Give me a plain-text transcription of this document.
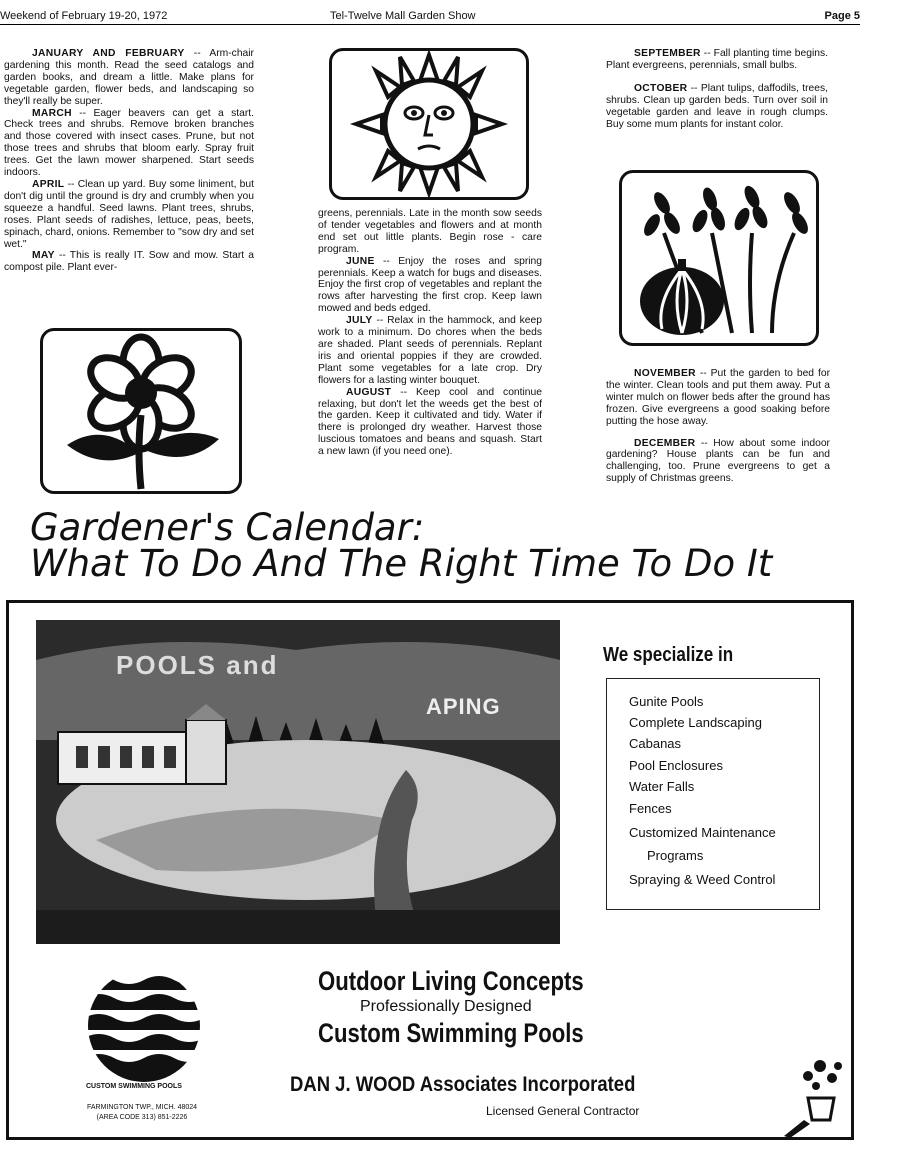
Weekend of February 19-20, 1972	Tel-Twelve Mall Garden Show	Page 5

JANUARY AND FEBRUARY -- Arm-chair gardening this month. Read the seed catalogs and garden books, and dream a little. Make plans for vegetable garden, flower beds, and landscaping so they'll really be super.

MARCH -- Eager beavers can get a start. Check trees and shrubs. Remove broken branches and those covered with insect cases. Prune, but not those trees and shrubs that bloom early. Spray fruit trees. Get the lawn mower sharpened. Start seeds indoors.

APRIL -- Clean up yard. Buy some liniment, but don't dig until the ground is dry and crumbly when you squeeze a handful. Seed lawns. Plant trees, shrubs, roses. Plant seeds of radishes, lettuce, peas, beets, spinach, chard, onions. Remember to "sow dry and set wet."

MAY -- This is really IT. Sow and mow. Start a compost pile. Plant ever-

greens, perennials. Late in the month sow seeds of tender vegetables and flowers and at month end set out little plants. Begin rose - care program.

JUNE -- Enjoy the roses and spring perennials. Keep a watch for bugs and diseases. Enjoy the first crop of vegetables and replant the rows after harvesting the first crop. Keep lawn mowed and beds edged.

JULY -- Relax in the hammock, and keep work to a minimum. Do chores when the beds are shaded. Plant seeds of perennials. Replant iris and oriental poppies if they are crowded. Plant some vegetables for a late crop. Dry flowers for a lasting winter bouquet.

AUGUST -- Keep cool and continue relaxing, but don't let the weeds get the best of the garden. Keep it cultivated and tidy. Water if there is prolonged dry weather. Harvest those luscious tomatoes and beans and squash. Start a new lawn (if you need one).

SEPTEMBER -- Fall planting time begins. Plant evergreens, perennials, small bulbs.

OCTOBER -- Plant tulips, daffodils, trees, shrubs. Clean up garden beds. Turn over soil in vegetable garden and leave in rough clumps. Buy some mum plants for instant color.

NOVEMBER -- Put the garden to bed for the winter. Clean tools and put them away. Put a winter mulch on flower beds after the ground has frozen. Give evergreens a good soaking before putting the hose away.

DECEMBER -- How about some indoor gardening? House plants can be fun and challenging, too. Prune evergreens to get a supply of Christmas greens.

Gardener's Calendar:
What To Do And The Right Time To Do It
POOLS and
APING
We specialize in
Gunite Pools
Complete Landscaping
Cabanas
Pool Enclosures
Water Falls
Fences
Customized Maintenance
Programs
Spraying & Weed Control
CUSTOM SWIMMING POOLS
FARMINGTON TWP., MICH. 48024
(AREA CODE 313) 851-2226
Outdoor Living Concepts
Professionally Designed
Custom Swimming Pools
DAN J. WOOD Associates Incorporated
Licensed General Contractor
